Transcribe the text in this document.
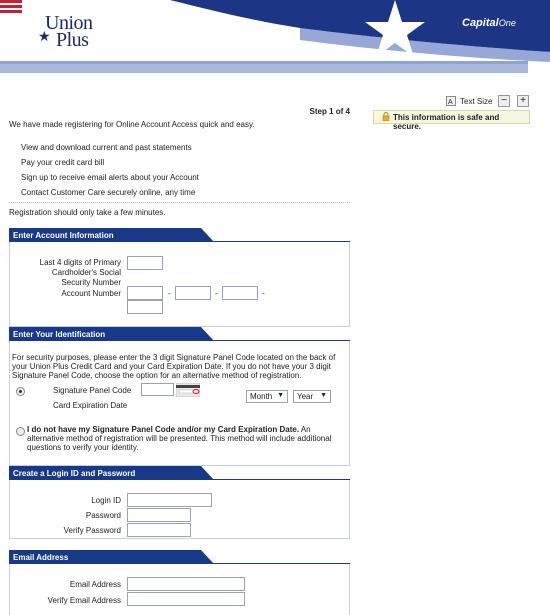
Union
★ Plus
CapitalOne
Step 1 of 4
We have made registering for Online Account Access quick and easy.
View and download current and past statements
Pay your credit card bill
Sign up to receive email alerts about your Account
Contact Customer Care securely online, any time
Registration should only take a few minutes.
Enter Account Information
Last 4 digits of Primary
Cardholder's Social
Security Number
Account Number	-	-	-
Enter Your Identification
For security purposes, please enter the 3 digit Signature Panel Code located on the back of your Union Plus Credit Card and your Card Expiration Date. If you do not have your 3 digit Signature Panel Code, choose the option for an alternative method of registration.
Signature Panel Code
Card Expiration Date
Month ▼	Year ▼
I do not have my Signature Panel Code and/or my Card Expiration Date. An alternative method of registration will be presented. This method will include additional questions to verify your identity.
Create a Login ID and Password
Login ID
Password
Verify Password
Email Address
Email Address
Verify Email Address
A Text Size −	+
This information is safe and secure.
